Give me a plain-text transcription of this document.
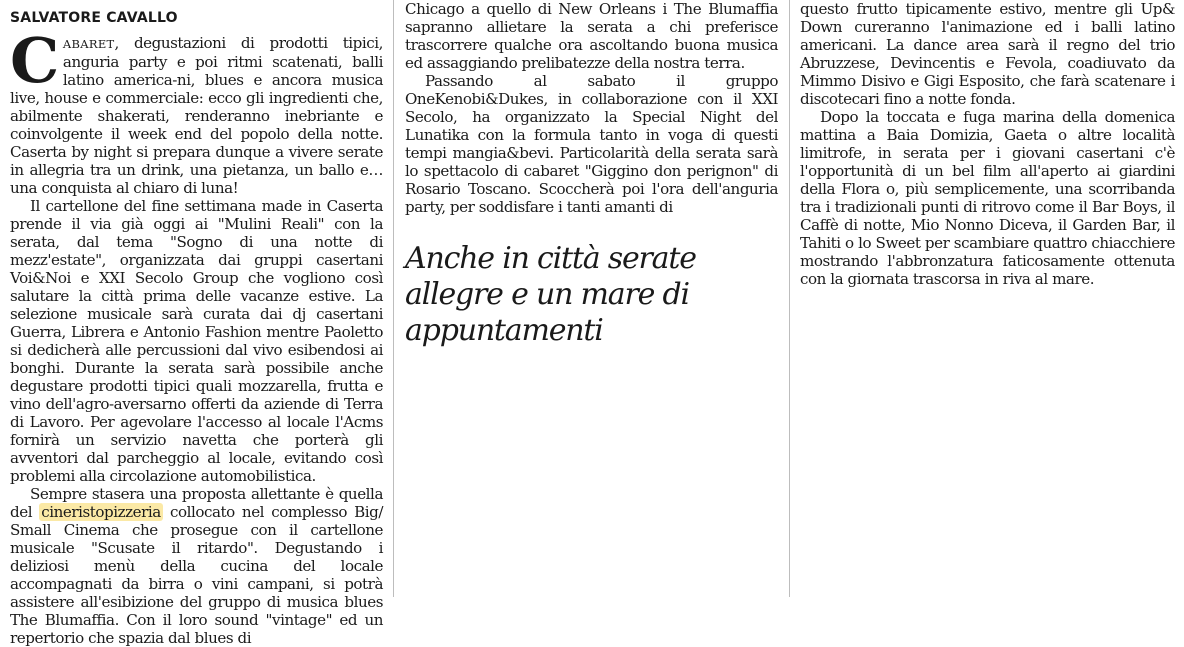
SALVATORE CAVALLO

CABARET, degustazioni di prodotti tipici, anguria party e poi ritmi scatenati, balli latino america-ni, blues e ancora musica live, house e commerciale: ecco gli ingredienti che, abilmente shakerati, renderanno inebriante e coinvolgente il week end del popolo della notte. Caserta by night si prepara dunque a vivere serate in allegria tra un drink, una pietanza, un ballo e… una conquista al chiaro di luna!

Il cartellone del fine settimana made in Caserta prende il via già oggi ai "Mulini Reali" con la serata, dal tema "Sogno di una notte di mezz'estate", organizzata dai gruppi casertani Voi&Noi e XXI Secolo Group che vogliono così salutare la città prima delle vacanze estive. La selezione musicale sarà curata dai dj casertani Guerra, Librera e Antonio Fashion mentre Paoletto si dedicherà alle percussioni dal vivo esibendosi ai bonghi. Durante la serata sarà possibile anche degustare prodotti tipici quali mozzarella, frutta e vino dell'agro-aversarno offerti da aziende di Terra di Lavoro. Per agevolare l'accesso al locale l'Acms fornirà un servizio navetta che porterà gli avventori dal parcheggio al locale, evitando così problemi alla circolazione automobilistica.

Sempre stasera una proposta allettante è quella del cineristopizzeria collocato nel complesso Big/ Small Cinema che prosegue con il cartellone musicale "Scusate il ritardo". Degustando i deliziosi menù della cucina del locale accompagnati da birra o vini campani, si potrà assistere all'esibizione del gruppo di musica blues The Blumaffia. Con il loro sound "vintage" ed un repertorio che spazia dal blues di

Chicago a quello di New Orleans i The Blumaffia sapranno allietare la serata a chi preferisce trascorrere qualche ora ascoltando buona musica ed assaggiando prelibatezze della nostra terra.

Passando al sabato il gruppo OneKenobi&Dukes, in collaborazione con il XXI Secolo, ha organizzato la Special Night del Lunatika con la formula tanto in voga di questi tempi mangia&bevi. Particolarità della serata sarà lo spettacolo di cabaret "Giggino don perignon" di Rosario Toscano. Scoccherà poi l'ora dell'anguria party, per soddisfare i tanti amanti di

Anche in città serate allegre e un mare di appuntamenti

questo frutto tipicamente estivo, mentre gli Up& Down cureranno l'animazione ed i balli latino americani. La dance area sarà il regno del trio Abruzzese, Devincentis e Fevola, coadiuvato da Mimmo Disivo e Gigi Esposito, che farà scatenare i discotecari fino a notte fonda.

Dopo la toccata e fuga marina della domenica mattina a Baia Domizia, Gaeta o altre località limitrofe, in serata per i giovani casertani c'è l'opportunità di un bel film all'aperto ai giardini della Flora o, più semplicemente, una scorribanda tra i tradizionali punti di ritrovo come il Bar Boys, il Caffè di notte, Mio Nonno Diceva, il Garden Bar, il Tahiti o lo Sweet per scambiare quattro chiacchiere mostrando l'abbronzatura faticosamente ottenuta con la giornata trascorsa in riva al mare.
